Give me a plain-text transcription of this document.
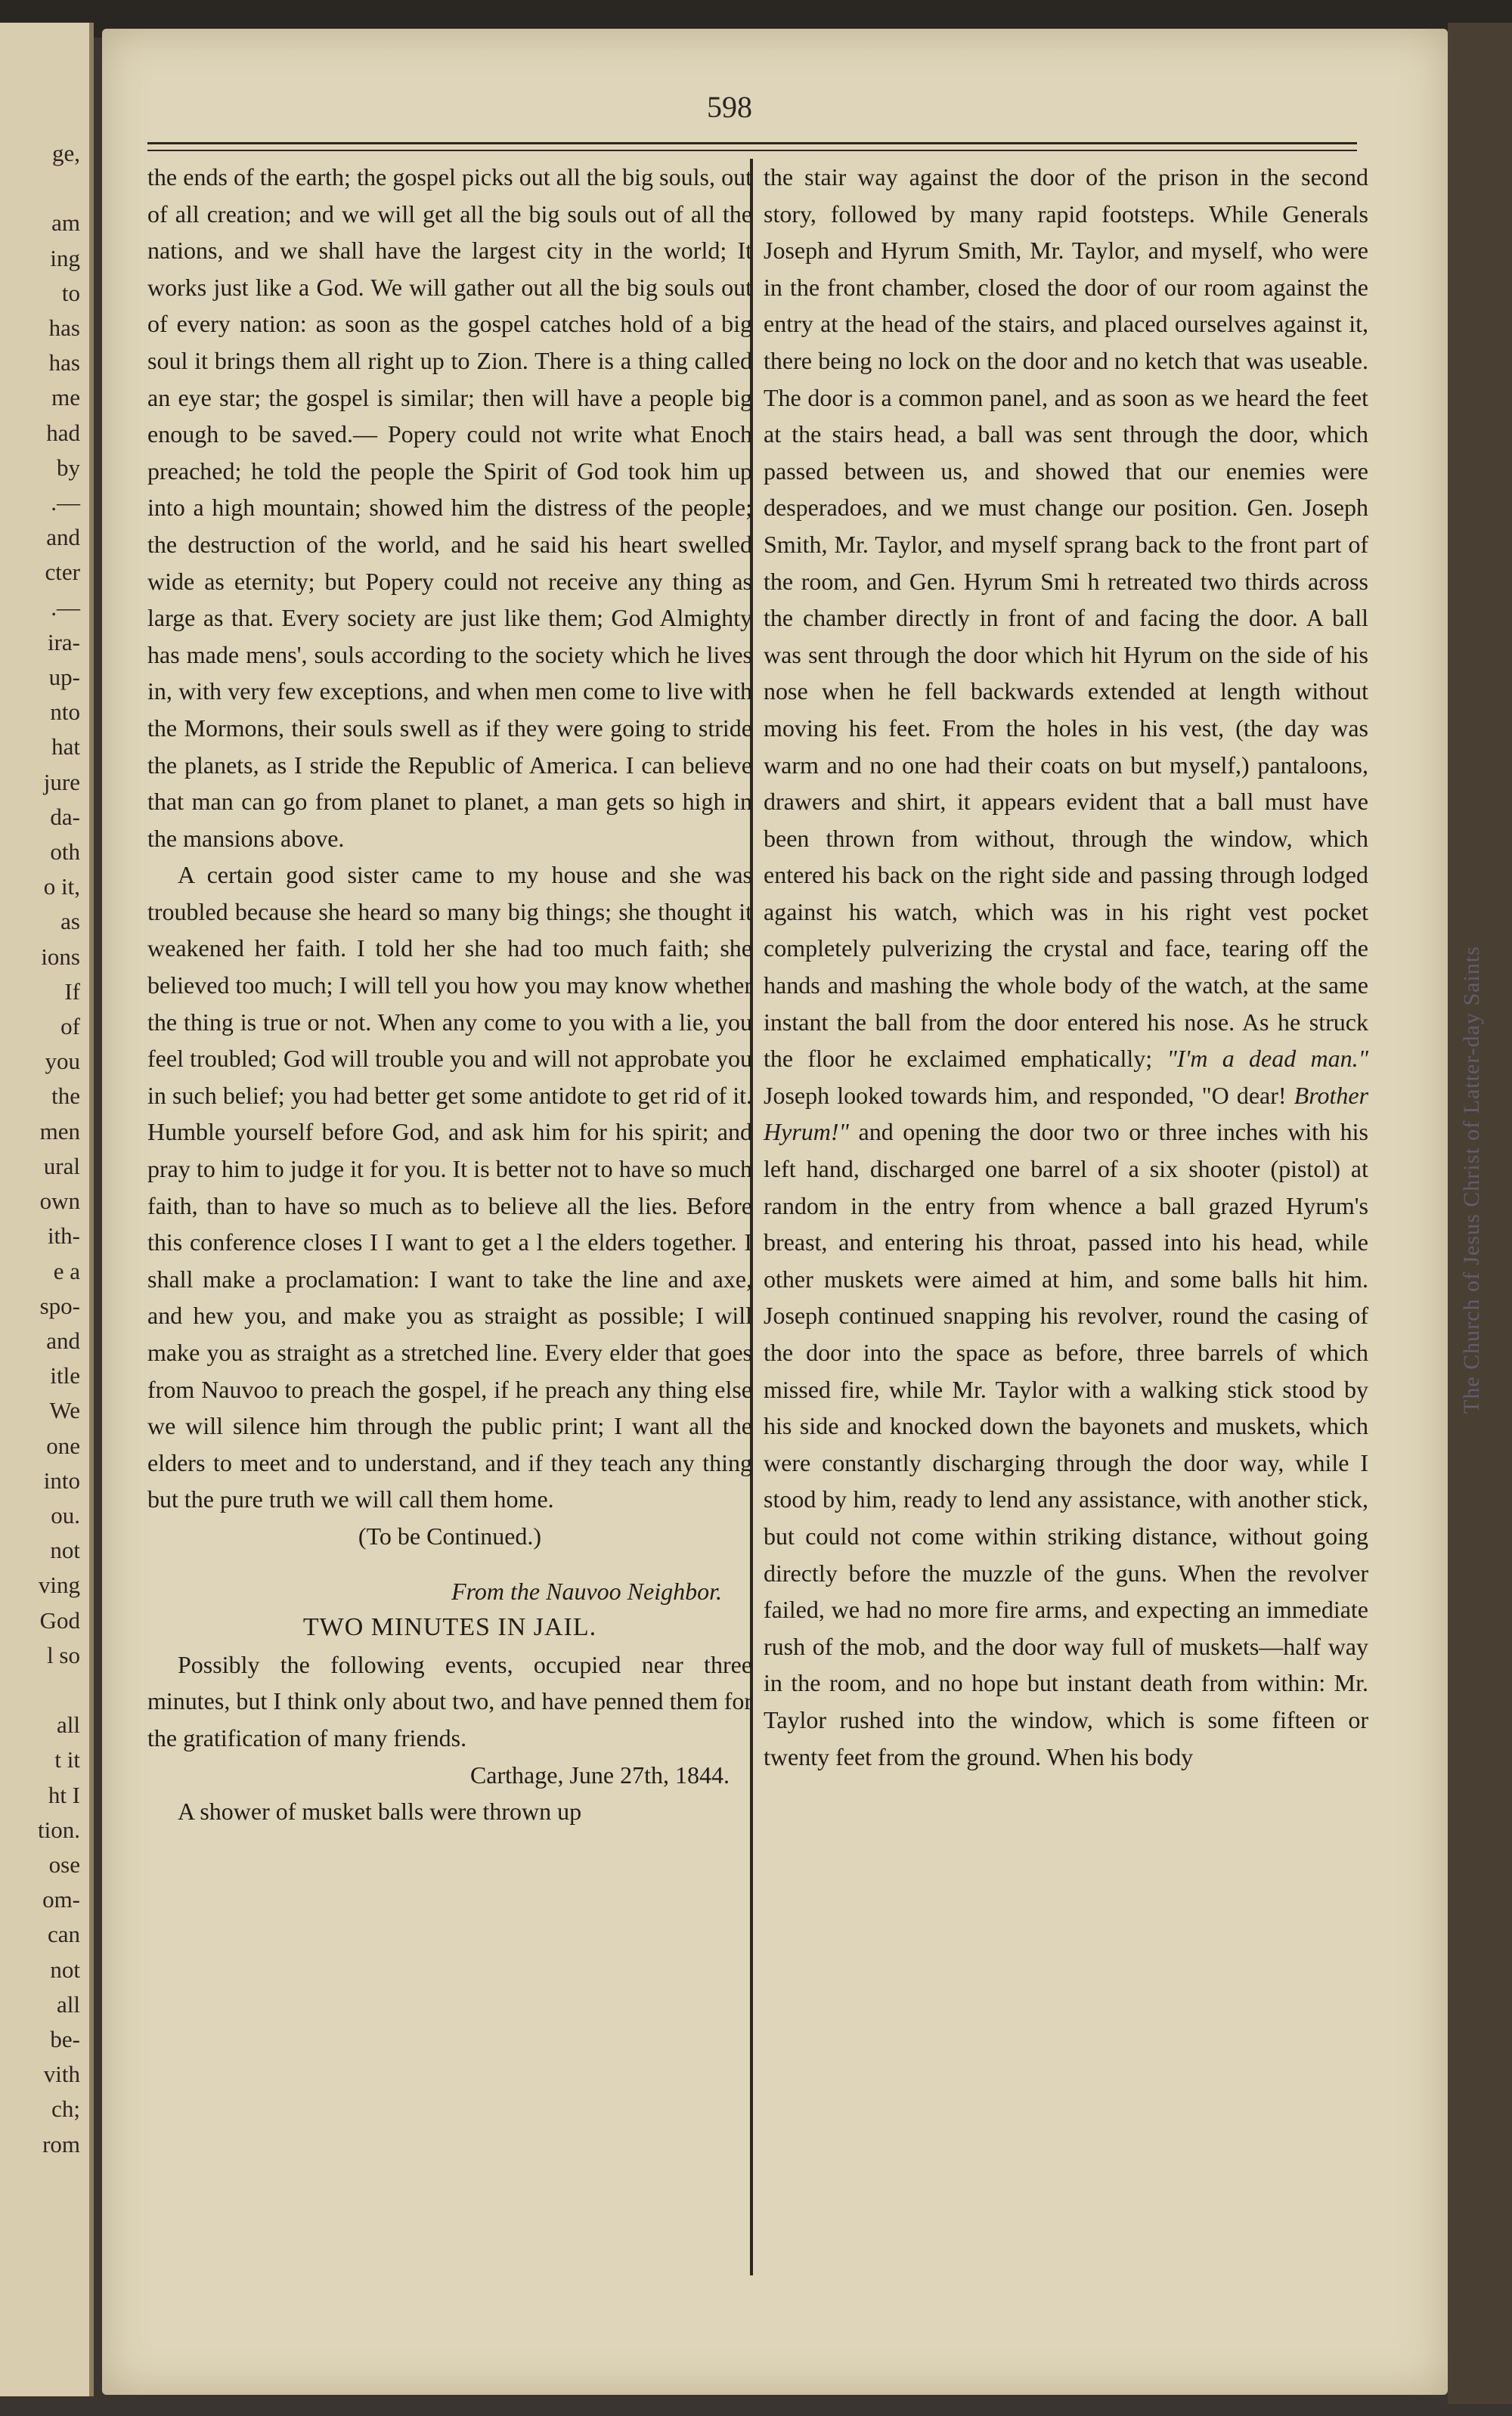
ge,

am
ing
to
has
has
me
had
by
.—
and
cter
.—
ira-
up-
nto
hat
jure
da-
oth
o it,
as
ions
If
of
you
the
men
ural
own
ith-
e a
spo-
and
itle
We
one
into
ou.
not
ving
God
l so

all
t it
ht I
tion.
ose
om-
can
not
all
be-
vith
ch;
rom
The Church of Jesus Christ of Latter-day Saints
598

the ends of the earth; the gospel picks out all the big souls, out of all creation; and we will get all the big souls out of all the nations, and we shall have the largest city in the world; It works just like a God. We will gather out all the big souls out of every nation: as soon as the gospel catches hold of a big soul it brings them all right up to Zion. There is a thing called an eye star; the gospel is similar; then will have a people big enough to be saved.— Popery could not write what Enoch preached; he told the people the Spirit of God took him up into a high mountain; showed him the distress of the people; the destruction of the world, and he said his heart swelled wide as eternity; but Popery could not receive any thing as large as that. Every society are just like them; God Almighty has made mens', souls according to the society which he lives in, with very few exceptions, and when men come to live with the Mormons, their souls swell as if they were going to stride the planets, as I stride the Republic of America. I can believe that man can go from planet to planet, a man gets so high in the mansions above.

A certain good sister came to my house and she was troubled because she heard so many big things; she thought it weakened her faith. I told her she had too much faith; she believed too much; I will tell you how you may know whether the thing is true or not. When any come to you with a lie, you feel troubled; God will trouble you and will not approbate you in such belief; you had better get some antidote to get rid of it. Humble yourself before God, and ask him for his spirit; and pray to him to judge it for you. It is better not to have so much faith, than to have so much as to believe all the lies. Before this conference closes I I want to get a l the elders together. I shall make a proclamation: I want to take the line and axe, and hew you, and make you as straight as possible; I will make you as straight as a stretched line. Every elder that goes from Nauvoo to preach the gospel, if he preach any thing else we will silence him through the public print; I want all the elders to meet and to understand, and if they teach any thing but the pure truth we will call them home.

(To be Continued.)

From the Nauvoo Neighbor.

TWO MINUTES IN JAIL.

Possibly the following events, occupied near three minutes, but I think only about two, and have penned them for the gratification of many friends.

Carthage, June 27th, 1844.

A shower of musket balls were thrown up

the stair way against the door of the prison in the second story, followed by many rapid footsteps. While Generals Joseph and Hyrum Smith, Mr. Taylor, and myself, who were in the front chamber, closed the door of our room against the entry at the head of the stairs, and placed ourselves against it, there being no lock on the door and no ketch that was useable. The door is a common panel, and as soon as we heard the feet at the stairs head, a ball was sent through the door, which passed between us, and showed that our enemies were desperadoes, and we must change our position. Gen. Joseph Smith, Mr. Taylor, and myself sprang back to the front part of the room, and Gen. Hyrum Smi h retreated two thirds across the chamber directly in front of and facing the door. A ball was sent through the door which hit Hyrum on the side of his nose when he fell backwards extended at length without moving his feet. From the holes in his vest, (the day was warm and no one had their coats on but myself,) pantaloons, drawers and shirt, it appears evident that a ball must have been thrown from without, through the window, which entered his back on the right side and passing through lodged against his watch, which was in his right vest pocket completely pulverizing the crystal and face, tearing off the hands and mashing the whole body of the watch, at the same instant the ball from the door entered his nose. As he struck the floor he exclaimed emphatically; "I'm a dead man." Joseph looked towards him, and responded, "O dear! Brother Hyrum!" and opening the door two or three inches with his left hand, discharged one barrel of a six shooter (pistol) at random in the entry from whence a ball grazed Hyrum's breast, and entering his throat, passed into his head, while other muskets were aimed at him, and some balls hit him. Joseph continued snapping his revolver, round the casing of the door into the space as before, three barrels of which missed fire, while Mr. Taylor with a walking stick stood by his side and knocked down the bayonets and muskets, which were constantly discharging through the door way, while I stood by him, ready to lend any assistance, with another stick, but could not come within striking distance, without going directly before the muzzle of the guns. When the revolver failed, we had no more fire arms, and expecting an immediate rush of the mob, and the door way full of muskets—half way in the room, and no hope but instant death from within: Mr. Taylor rushed into the window, which is some fifteen or twenty feet from the ground. When his body
